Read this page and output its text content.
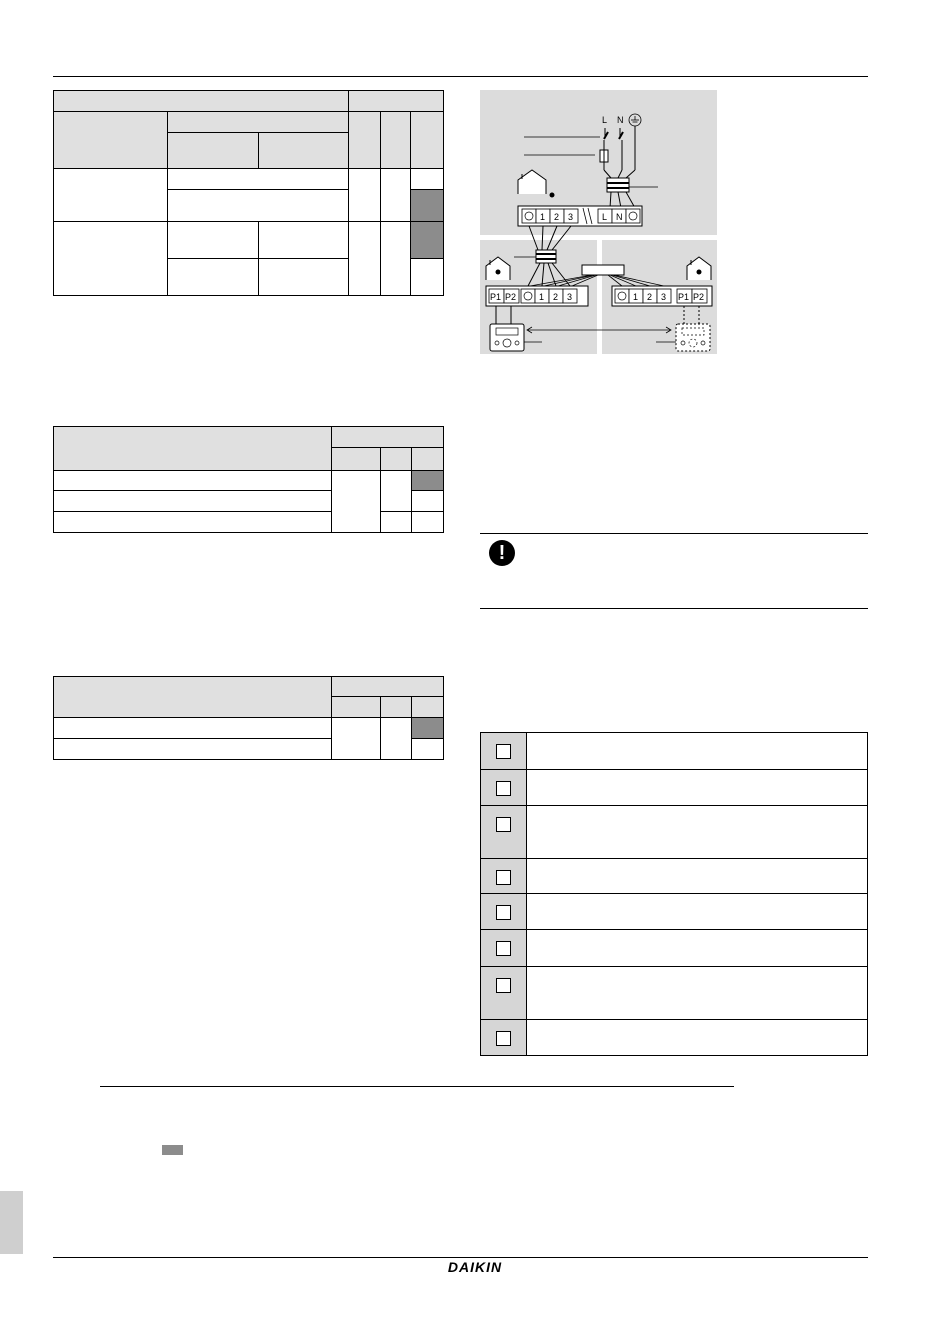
L N
1 2 3	L N
P1 P2	1 2 3	1 2 3 P1 P2
!
DAIKIN
